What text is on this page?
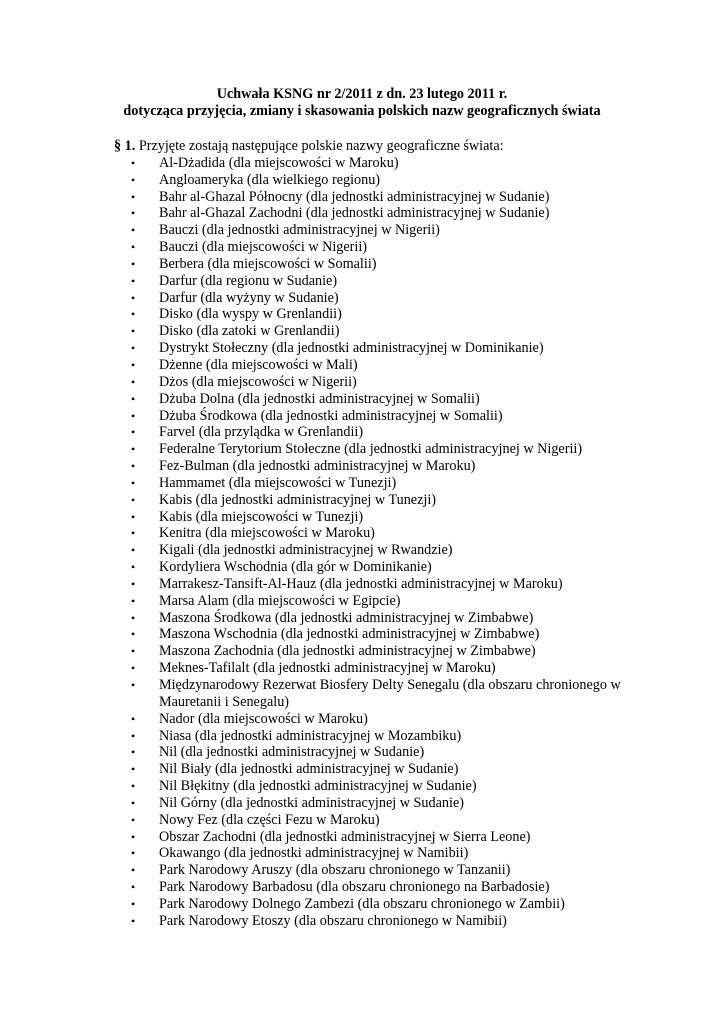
Uchwała KSNG nr 2/2011 z dn. 23 lutego 2011 r.
dotycząca przyjęcia, zmiany i skasowania polskich nazw geograficznych świata

§ 1. Przyjęte zostają następujące polskie nazwy geograficzne świata:

• Al-Dżadida (dla miejscowości w Maroku)
• Angloameryka (dla wielkiego regionu)
• Bahr al-Ghazal Północny (dla jednostki administracyjnej w Sudanie)
• Bahr al-Ghazal Zachodni (dla jednostki administracyjnej w Sudanie)
• Bauczi (dla jednostki administracyjnej w Nigerii)
• Bauczi (dla miejscowości w Nigerii)
• Berbera (dla miejscowości w Somalii)
• Darfur (dla regionu w Sudanie)
• Darfur (dla wyżyny w Sudanie)
• Disko (dla wyspy w Grenlandii)
• Disko (dla zatoki w Grenlandii)
• Dystrykt Stołeczny (dla jednostki administracyjnej w Dominikanie)
• Dżenne (dla miejscowości w Mali)
• Dżos (dla miejscowości w Nigerii)
• Dżuba Dolna (dla jednostki administracyjnej w Somalii)
• Dżuba Środkowa (dla jednostki administracyjnej w Somalii)
• Farvel (dla przylądka w Grenlandii)
• Federalne Terytorium Stołeczne (dla jednostki administracyjnej w Nigerii)
• Fez-Bulman (dla jednostki administracyjnej w Maroku)
• Hammamet (dla miejscowości w Tunezji)
• Kabis (dla jednostki administracyjnej w Tunezji)
• Kabis (dla miejscowości w Tunezji)
• Kenitra (dla miejscowości w Maroku)
• Kigali (dla jednostki administracyjnej w Rwandzie)
• Kordyliera Wschodnia (dla gór w Dominikanie)
• Marrakesz-Tansift-Al-Hauz (dla jednostki administracyjnej w Maroku)
• Marsa Alam (dla miejscowości w Egipcie)
• Maszona Środkowa (dla jednostki administracyjnej w Zimbabwe)
• Maszona Wschodnia (dla jednostki administracyjnej w Zimbabwe)
• Maszona Zachodnia (dla jednostki administracyjnej w Zimbabwe)
• Meknes-Tafilalt (dla jednostki administracyjnej w Maroku)
• Międzynarodowy Rezerwat Biosfery Delty Senegalu (dla obszaru chronionego w Mauretanii i Senegalu)
• Nador (dla miejscowości w Maroku)
• Niasa (dla jednostki administracyjnej w Mozambiku)
• Nil (dla jednostki administracyjnej w Sudanie)
• Nil Biały (dla jednostki administracyjnej w Sudanie)
• Nil Błękitny (dla jednostki administracyjnej w Sudanie)
• Nil Górny (dla jednostki administracyjnej w Sudanie)
• Nowy Fez (dla części Fezu w Maroku)
• Obszar Zachodni (dla jednostki administracyjnej w Sierra Leone)
• Okawango (dla jednostki administracyjnej w Namibii)
• Park Narodowy Aruszy (dla obszaru chronionego w Tanzanii)
• Park Narodowy Barbadosu (dla obszaru chronionego na Barbadosie)
• Park Narodowy Dolnego Zambezi (dla obszaru chronionego w Zambii)
• Park Narodowy Etoszy (dla obszaru chronionego w Namibii)
